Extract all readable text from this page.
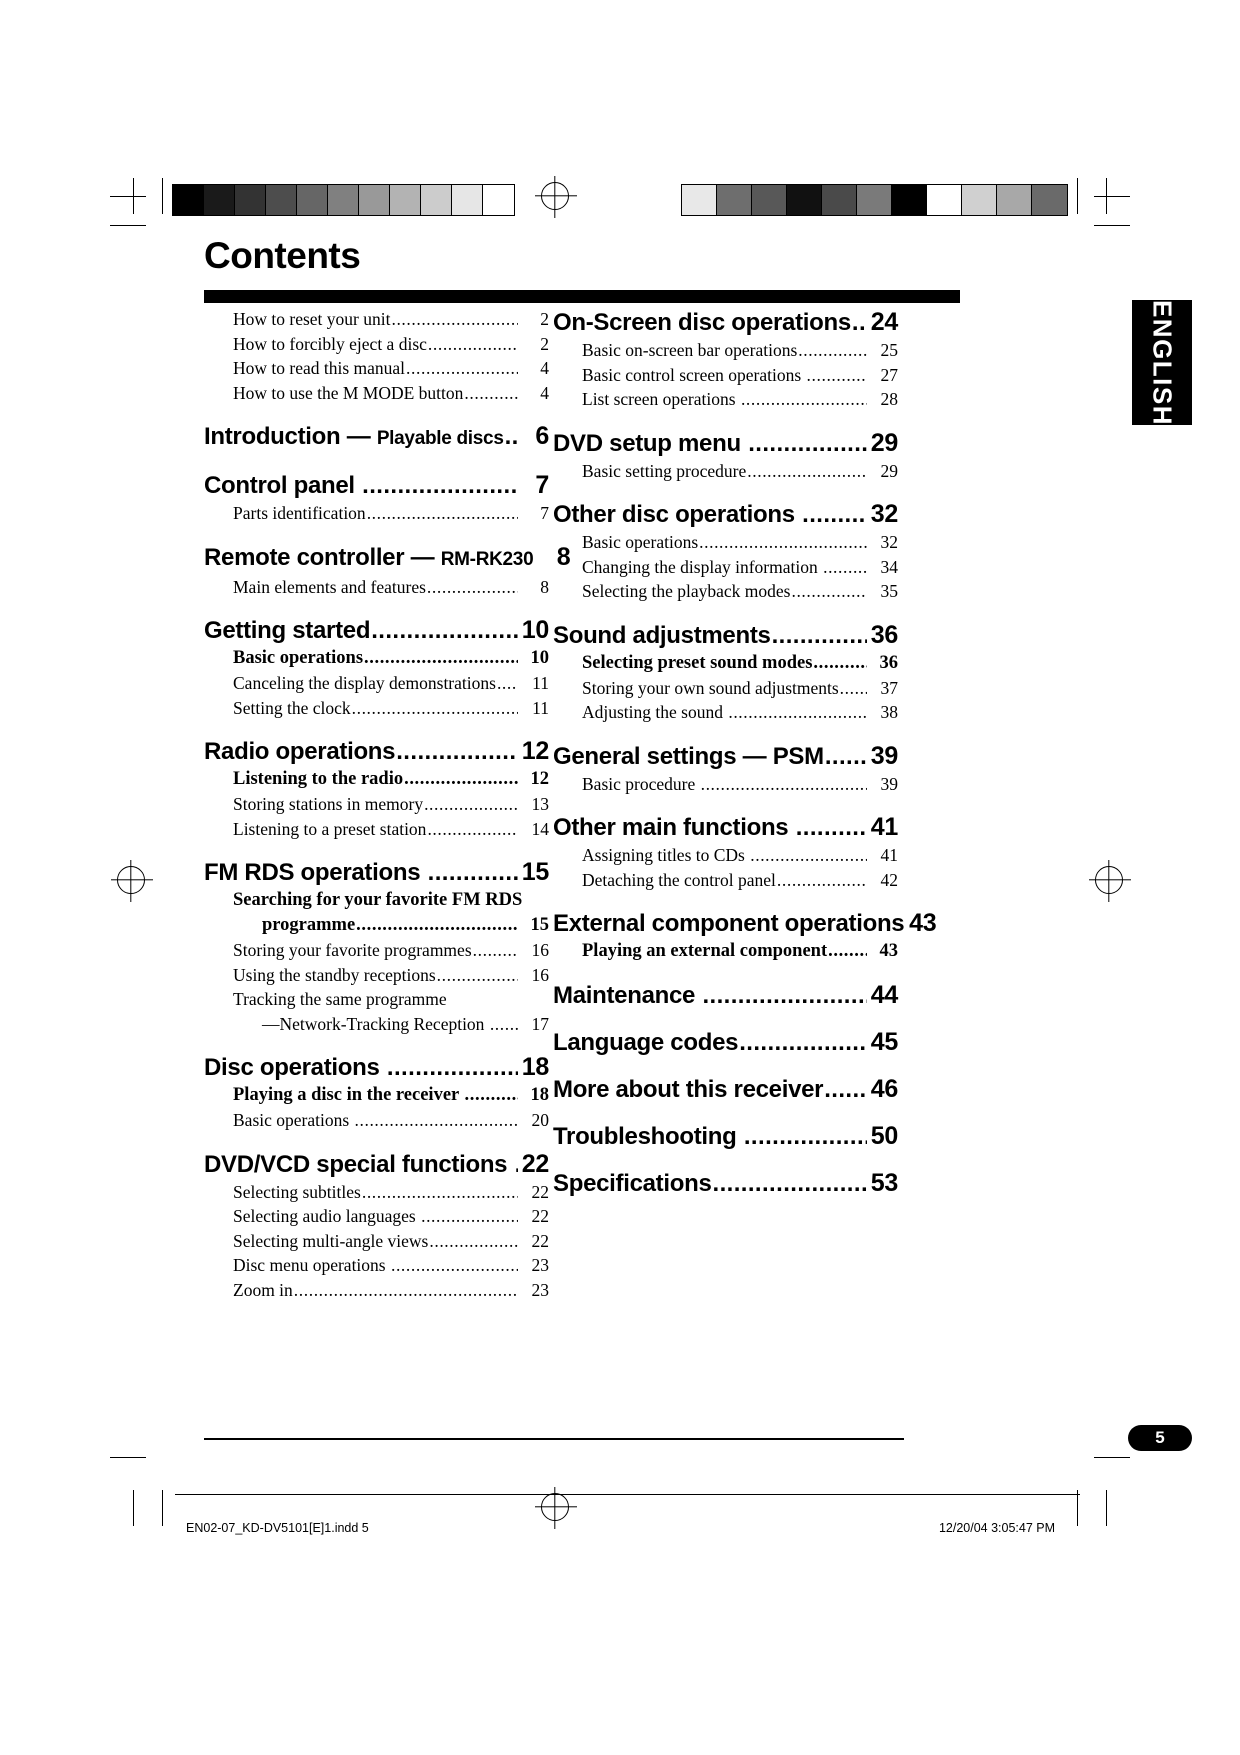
ENGLISH
Contents
How to reset your unit .....	2
How to forcibly eject a disc .....	2
How to read this manual .....	4
How to use the M MODE button .....	4
Introduction — Playable discs .....	6
Control panel .....	7
Parts identification .....	7
Remote controller — RM-RK230 8
Main elements and features .....	8
Getting started .....	10
Basic operations .....	10
Canceling the display demonstrations .....	11
Setting the clock .....	11
Radio operations .....	12
Listening to the radio .....	12
Storing stations in memory .....	13
Listening to a preset station .....	14
FM RDS operations .....	15
Searching for your favorite FM RDS
programme .....	15
Storing your favorite programmes .....	16
Using the standby receptions .....	16
Tracking the same programme
—Network-Tracking Reception .....	17
Disc operations .....	18
Playing a disc in the receiver .....	18
Basic operations .....	20
DVD/VCD special functions ..... 22
Selecting subtitles .....	22
Selecting audio languages .....	22
Selecting multi-angle views .....	22
Disc menu operations .....	23
Zoom in .....	23
On-Screen disc operations ..... 24
Basic on-screen bar operations .....	25
Basic control screen operations .....	27
List screen operations .....	28
DVD setup menu .....	29
Basic setting procedure .....	29
Other disc operations .....	32
Basic operations .....	32
Changing the display information .....	34
Selecting the playback modes .....	35
Sound adjustments .....	36
Selecting preset sound modes .....	36
Storing your own sound adjustments .....	37
Adjusting the sound .....	38
General settings — PSM ..... 39
Basic procedure .....	39
Other main functions .....	41
Assigning titles to CDs .....	41
Detaching the control panel .....	42
External component operations 43
Playing an external component .....	43
Maintenance .....	44
Language codes .....	45
More about this receiver ..... 46
Troubleshooting .....	50
Specifications .....	53
5
EN02-07_KD-DV5101[E]1.indd 5	12/20/04 3:05:47 PM
